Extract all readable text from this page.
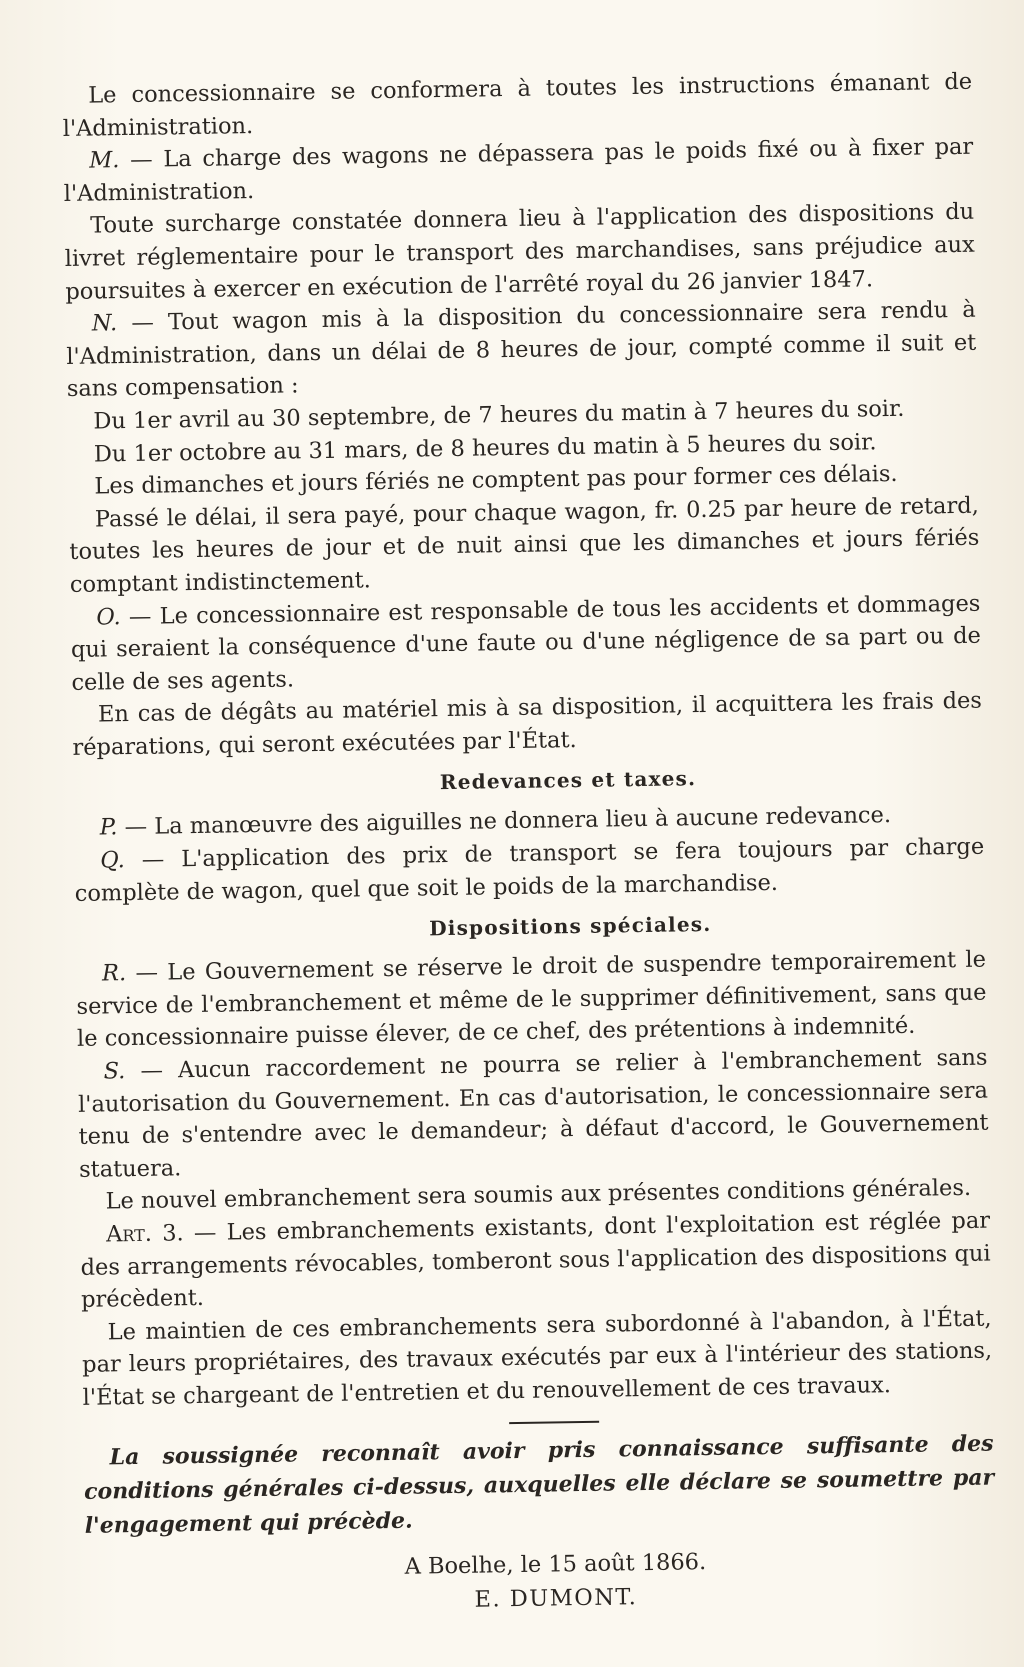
Le concessionnaire se conformera à toutes les instructions émanant de l'Administration.

M. — La charge des wagons ne dépassera pas le poids fixé ou à fixer par l'Administration.

Toute surcharge constatée donnera lieu à l'application des dispositions du livret réglementaire pour le transport des marchandises, sans préjudice aux poursuites à exercer en exécution de l'arrêté royal du 26 janvier 1847.

N. — Tout wagon mis à la disposition du concessionnaire sera rendu à l'Administration, dans un délai de 8 heures de jour, compté comme il suit et sans compensation :

Du 1er avril au 30 septembre, de 7 heures du matin à 7 heures du soir.

Du 1er octobre au 31 mars, de 8 heures du matin à 5 heures du soir.

Les dimanches et jours fériés ne comptent pas pour former ces délais.

Passé le délai, il sera payé, pour chaque wagon, fr. 0.25 par heure de retard, toutes les heures de jour et de nuit ainsi que les dimanches et jours fériés comptant indistinctement.

O. — Le concessionnaire est responsable de tous les accidents et dommages qui seraient la conséquence d'une faute ou d'une négligence de sa part ou de celle de ses agents.

En cas de dégâts au matériel mis à sa disposition, il acquittera les frais des réparations, qui seront exécutées par l'État.

Redevances et taxes.

P. — La manœuvre des aiguilles ne donnera lieu à aucune redevance.

Q. — L'application des prix de transport se fera toujours par charge complète de wagon, quel que soit le poids de la marchandise.

Dispositions spéciales.

R. — Le Gouvernement se réserve le droit de suspendre temporairement le service de l'embranchement et même de le supprimer définitivement, sans que le concessionnaire puisse élever, de ce chef, des prétentions à indemnité.

S. — Aucun raccordement ne pourra se relier à l'embranchement sans l'autorisation du Gouvernement. En cas d'autorisation, le concessionnaire sera tenu de s'entendre avec le demandeur; à défaut d'accord, le Gouvernement statuera.

Le nouvel embranchement sera soumis aux présentes conditions générales.

Art. 3. — Les embranchements existants, dont l'exploitation est réglée par des arrangements révocables, tomberont sous l'application des dispositions qui précèdent.

Le maintien de ces embranchements sera subordonné à l'abandon, à l'État, par leurs propriétaires, des travaux exécutés par eux à l'intérieur des stations, l'État se chargeant de l'entretien et du renouvellement de ces travaux.

La soussignée reconnaît avoir pris connaissance suffisante des conditions générales ci-dessus, auxquelles elle déclare se soumettre par l'engagement qui précède.

A Boelhe, le 15 août 1866.

E. DUMONT.
